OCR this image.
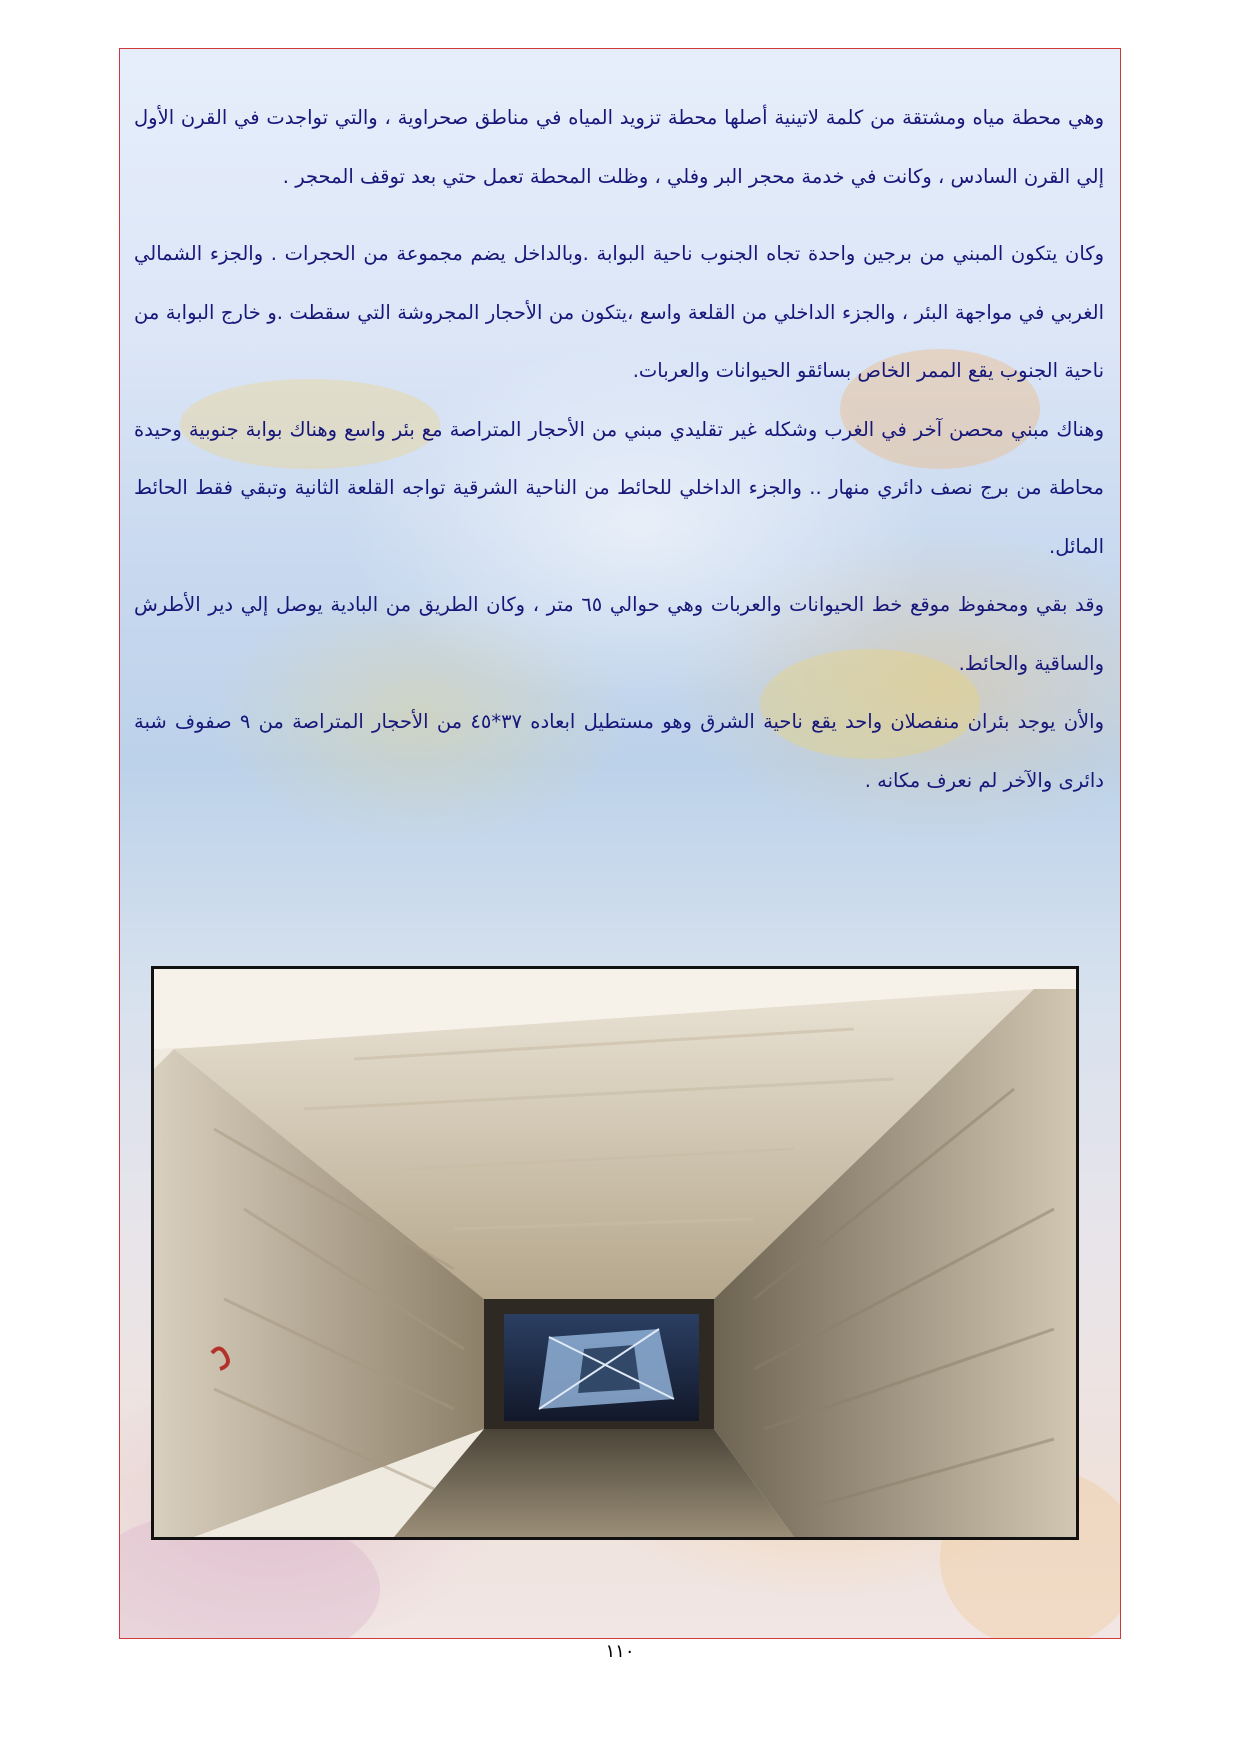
وهي محطة مياه ومشتقة من كلمة لاتينية أصلها محطة تزويد المياه في مناطق صحراوية ، والتي تواجدت في القرن الأول إلي القرن السادس ، وكانت في خدمة محجر البر وفلي ، وظلت المحطة تعمل حتي بعد توقف المحجر .

وكان يتكون المبني من برجين واحدة تجاه الجنوب ناحية البوابة .وبالداخل يضم مجموعة من الحجرات . والجزء الشمالي الغربي في مواجهة البئر ، والجزء الداخلي من القلعة واسع ،يتكون من الأحجار المجروشة التي سقطت .و خارج البوابة من ناحية الجنوب يقع الممر الخاص بسائقو الحيوانات والعربات.

وهناك مبني محصن آخر في الغرب وشكله غير تقليدي مبني من الأحجار المتراصة مع بئر واسع وهناك بوابة جنوبية وحيدة محاطة من برج نصف دائري منهار .. والجزء الداخلي للحائط من الناحية الشرقية تواجه القلعة الثانية وتبقي فقط الحائط المائل.

وقد بقي ومحفوظ موقع خط الحيوانات والعربات وهي حوالي ٦٥ متر ، وكان الطريق من البادية يوصل إلي دير الأطرش والساقية والحائط.

والأن يوجد بئران منفصلان واحد يقع ناحية الشرق وهو مستطيل ابعاده ٣٧*٤٥ من الأحجار المتراصة من ٩ صفوف شبة دائرى والآخر لم نعرف مكانه .

١١٠
